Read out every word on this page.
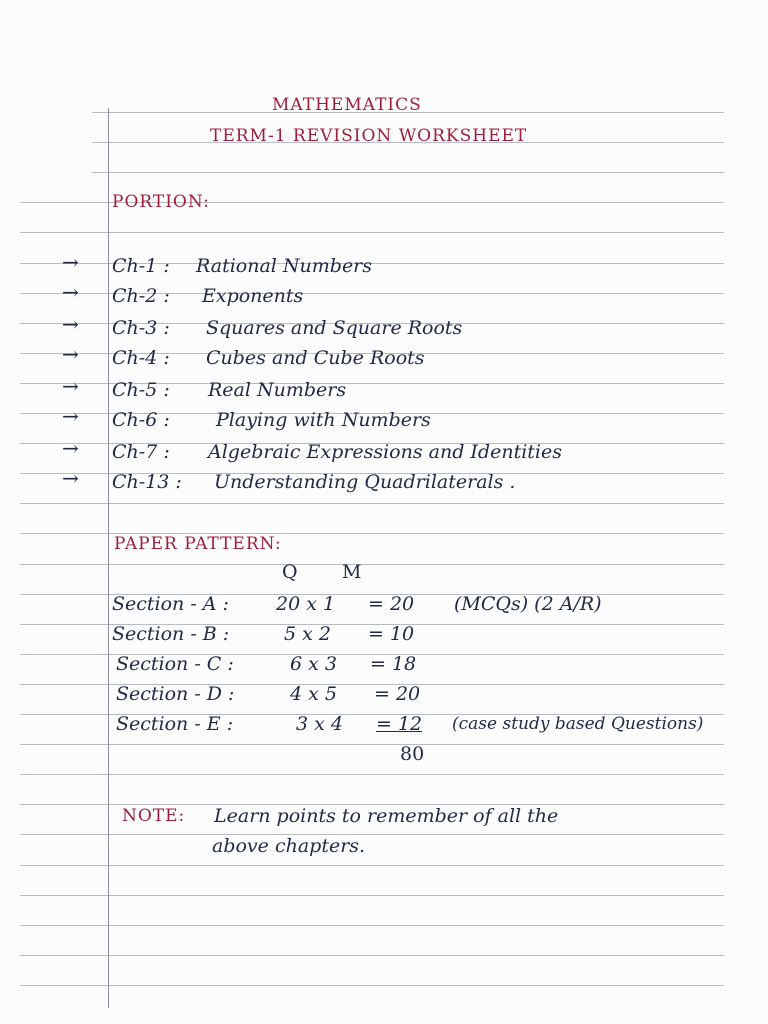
MATHEMATICS
TERM-1 REVISION WORKSHEET
PORTION:
→	Ch-1 : Rational Numbers
→	Ch-2 : Exponents
→	Ch-3 : Squares and Square Roots
→	Ch-4 : Cubes and Cube Roots
→	Ch-5 : Real Numbers
→	Ch-6 : Playing with Numbers
→	Ch-7 : Algebraic Expressions and Identities
→	Ch-13 : Understanding Quadrilaterals .
PAPER PATTERN:
Q M
Section - A : 20 x 1 = 20 (MCQs) (2 A/R)
Section - B :	5 x 2 = 10
Section - C :	6 x 3 = 18
Section - D :	4 x 5 = 20
Section - E :	3 x 4 = 12 (case study based Questions)
80
NOTE: Learn points to remember of all the
above chapters.
